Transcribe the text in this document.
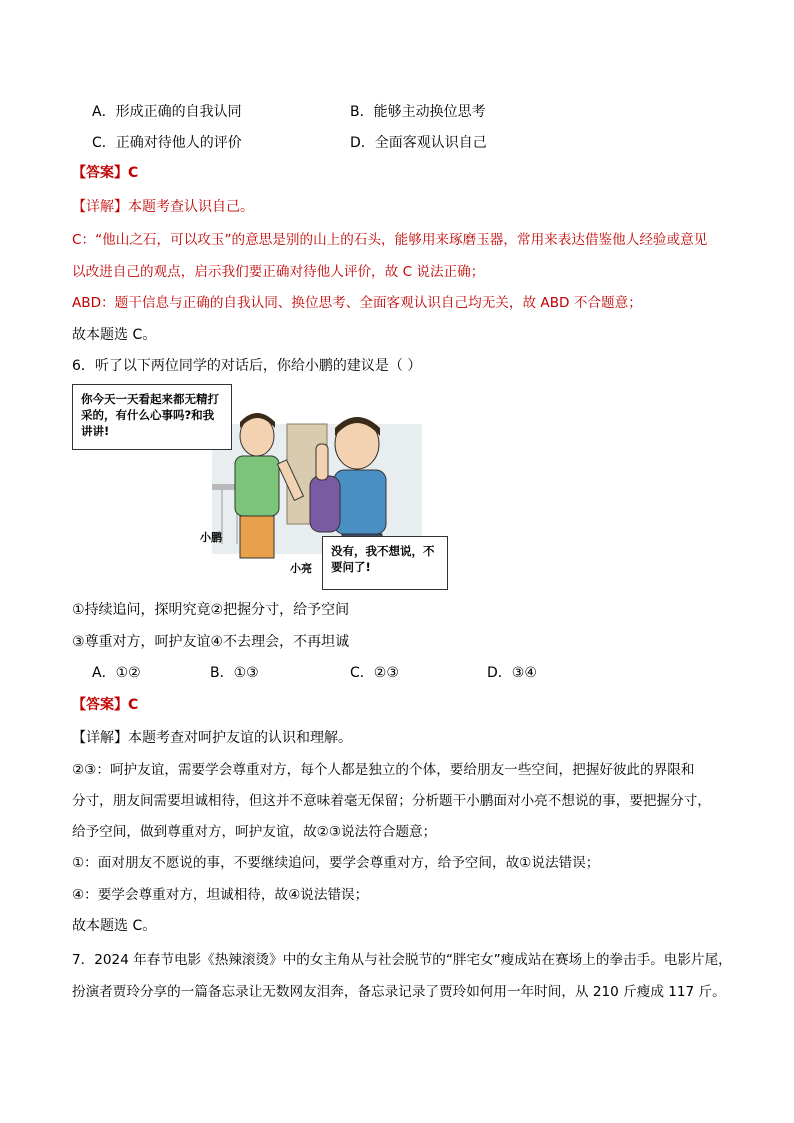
A．形成正确的自我认同	B．能够主动换位思考
C．正确对待他人的评价	D．全面客观认识自己
【答案】C
【详解】本题考查认识自己。
C：“他山之石，可以攻玉”的意思是别的山上的石头，能够用来琢磨玉器，常用来表达借鉴他人经验或意见
以改进自己的观点，启示我们要正确对待他人评价，故 C 说法正确；
ABD：题干信息与正确的自我认同、换位思考、全面客观认识自己均无关，故 ABD 不合题意；
故本题选 C。
6．听了以下两位同学的对话后，你给小鹏的建议是（ ）
你今天一天看起来都无精打采的，有什么心事吗?和我讲讲!
没有，我不想说，不要问了!
小鹏
小亮
①持续追问，探明究竟②把握分寸，给予空间
③尊重对方，呵护友谊④不去理会，不再坦诚
A．①②	B．①③	C．②③	D．③④
【答案】C
【详解】本题考查对呵护友谊的认识和理解。
②③：呵护友谊，需要学会尊重对方，每个人都是独立的个体，要给朋友一些空间，把握好彼此的界限和
分寸，朋友间需要坦诚相待，但这并不意味着毫无保留；分析题干小鹏面对小亮不想说的事，要把握分寸，
给予空间，做到尊重对方，呵护友谊，故②③说法符合题意；
①：面对朋友不愿说的事，不要继续追问，要学会尊重对方，给予空间，故①说法错误；
④：要学会尊重对方，坦诚相待，故④说法错误；
故本题选 C。
7．2024 年春节电影《热辣滚烫》中的女主角从与社会脱节的“胖宅女”瘦成站在赛场上的拳击手。电影片尾，
扮演者贾玲分享的一篇备忘录让无数网友泪奔，备忘录记录了贾玲如何用一年时间，从 210 斤瘦成 117 斤。
